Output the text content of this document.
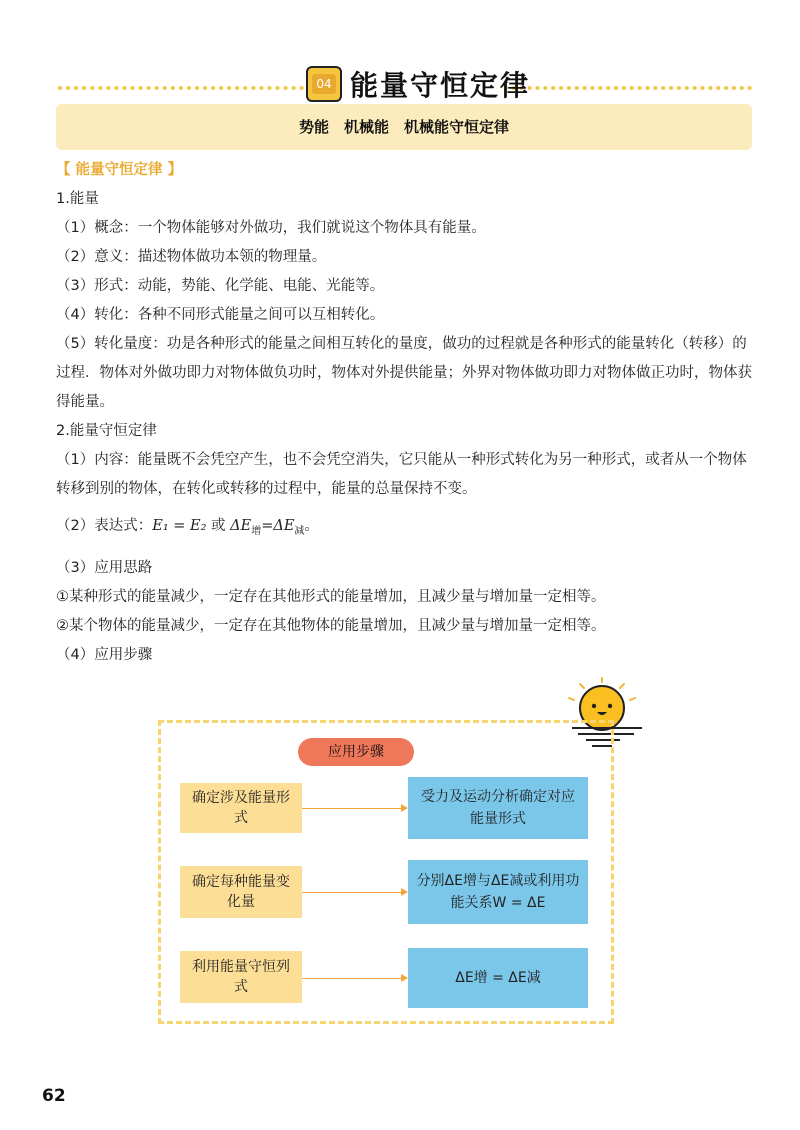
04 能量守恒定律
势能　机械能　机械能守恒定律

【 能量守恒定律 】

1.能量

（1）概念：一个物体能够对外做功，我们就说这个物体具有能量。

（2）意义：描述物体做功本领的物理量。

（3）形式：动能，势能、化学能、电能、光能等。

（4）转化：各种不同形式能量之间可以互相转化。

（5）转化量度：功是各种形式的能量之间相互转化的量度，做功的过程就是各种形式的能量转化（转移）的过程．物体对外做功即力对物体做负功时，物体对外提供能量；外界对物体做功即力对物体做正功时，物体获得能量。

2.能量守恒定律

（1）内容：能量既不会凭空产生，也不会凭空消失，它只能从一种形式转化为另一种形式，或者从一个物体转移到别的物体，在转化或转移的过程中，能量的总量保持不变。

（2）表达式：E₁ = E₂ 或 $\Delta E_增=\Delta E_减$。

（3）应用思路

①某种形式的能量减少，一定存在其他形式的能量增加，且减少量与增加量一定相等。

②某个物体的能量减少，一定存在其他物体的能量增加，且减少量与增加量一定相等。

（4）应用步骤

应用步骤
确定涉及能量形式
受力及运动分析确定对应能量形式
确定每种能量变化量
分别ΔE增与ΔE减或利用功能关系W = ΔE
利用能量守恒列式
ΔE增 = ΔE减
62
